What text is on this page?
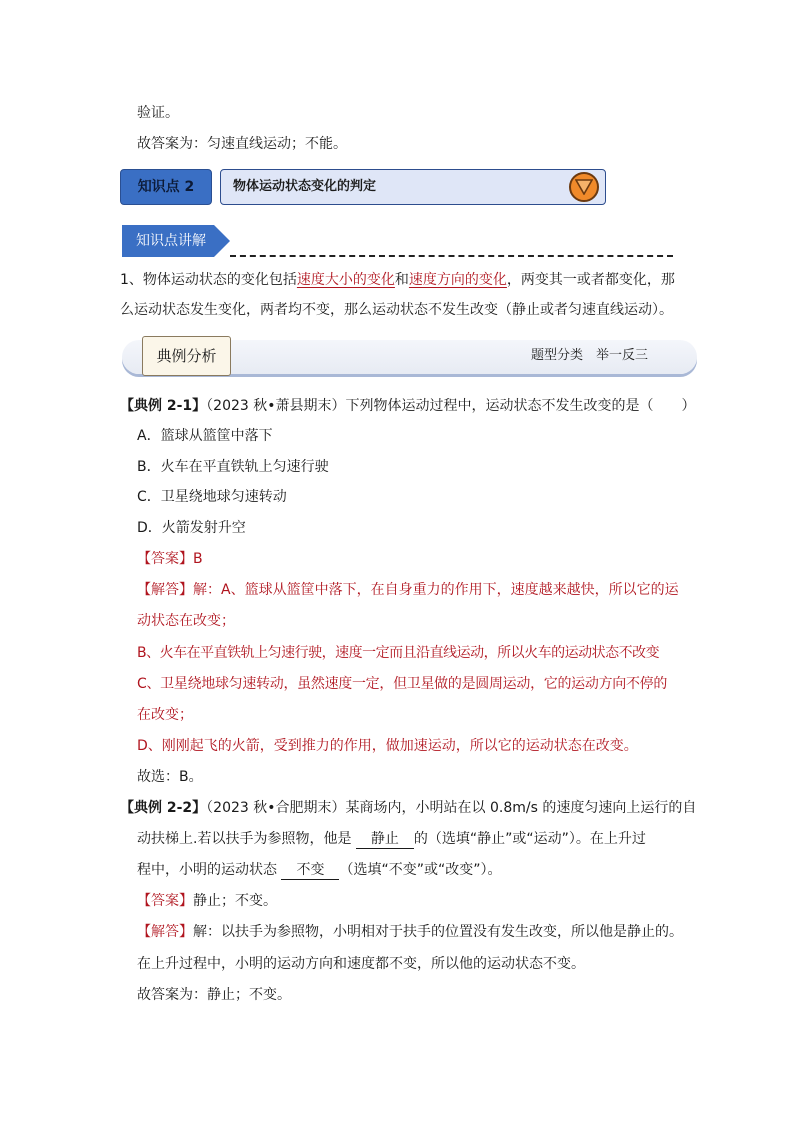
验证。
故答案为：匀速直线运动；不能。
知识点 2	物体运动状态变化的判定
知识点讲解
1、物体运动状态的变化包括速度大小的变化和速度方向的变化，两变其一或者都变化，那
么运动状态发生变化，两者均不变，那么运动状态不发生改变（静止或者匀速直线运动）。
典例分析	题型分类　 举一反三
【典例 2-1】（2023 秋•萧县期末）下列物体运动过程中，运动状态不发生改变的是（　　）
A．篮球从篮筐中落下
B．火车在平直铁轨上匀速行驶
C．卫星绕地球匀速转动
D．火箭发射升空
【答案】B
【解答】解：A、篮球从篮筐中落下，在自身重力的作用下，速度越来越快，所以它的运
动状态在改变；
B、火车在平直铁轨上匀速行驶，速度一定而且沿直线运动，所以火车的运动状态不改变
C、卫星绕地球匀速转动，虽然速度一定，但卫星做的是圆周运动，它的运动方向不停的
在改变；
D、刚刚起飞的火箭，受到推力的作用，做加速运动，所以它的运动状态在改变。
故选：B。
【典例 2-2】（2023 秋•合肥期末）某商场内，小明站在以 0.8m/s 的速度匀速向上运行的自
动扶梯上.若以扶手为参照物，他是 静止 的（选填“静止”或“运动”）。在上升过
程中，小明的运动状态 不变 （选填“不变”或“改变”）。
【答案】静止；不变。
【解答】解：以扶手为参照物，小明相对于扶手的位置没有发生改变，所以他是静止的。
在上升过程中，小明的运动方向和速度都不变，所以他的运动状态不变。
故答案为：静止；不变。
